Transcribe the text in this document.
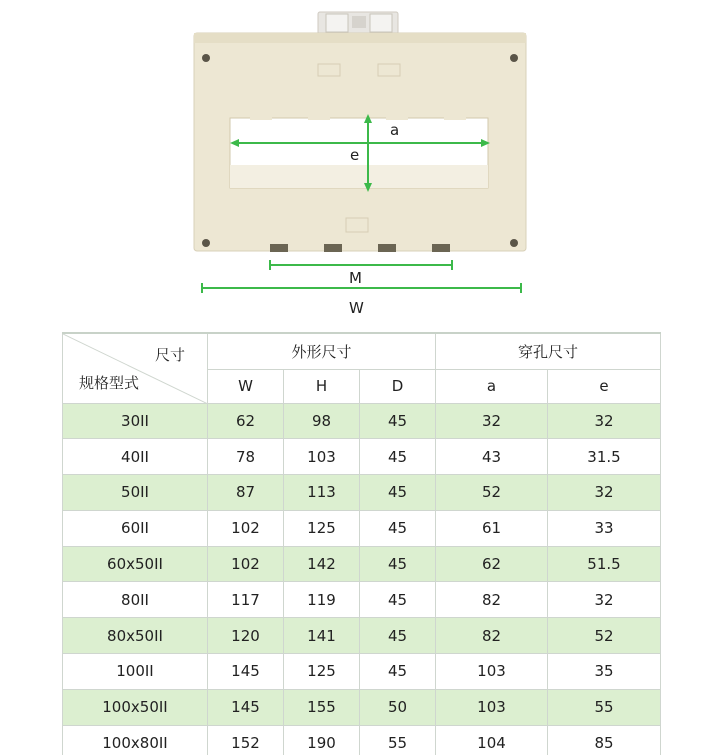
a
e
M
W
尺寸
规格型式	外形尺寸			穿孔尺寸	
	W	H	D	a	e
30II	62	98	45	32	32
40II	78	103	45	43	31.5
50II	87	113	45	52	32
60II	102	125	45	61	33
60x50II	102	142	45	62	51.5
80II	117	119	45	82	32
80x50II	120	141	45	82	52
100II	145	125	45	103	35
100x50II	145	155	50	103	55
100x80II	152	190	55	104	85
